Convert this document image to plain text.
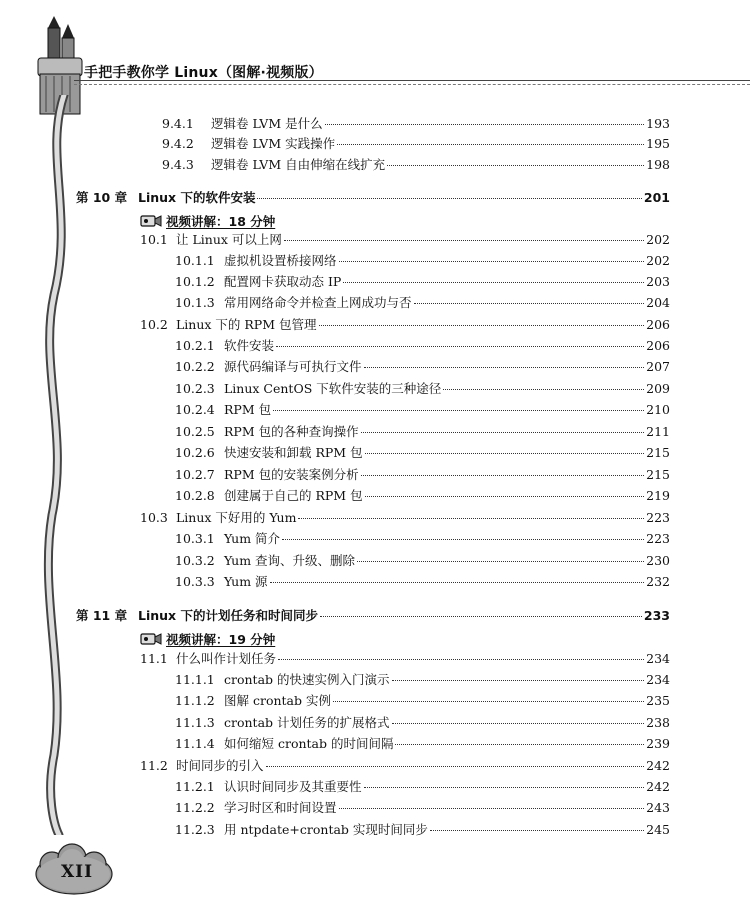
XII
手把手教你学 Linux（图解·视频版）
9.4.1	逻辑卷 LVM 是什么	193
9.4.2	逻辑卷 LVM 实践操作	195
9.4.3	逻辑卷 LVM 自由伸缩在线扩充	198
第 10 章 Linux 下的软件安装	201
视频讲解：18 分钟
10.1 让 Linux 可以上网	202
10.1.1 虚拟机设置桥接网络	202
10.1.2 配置网卡获取动态 IP	203
10.1.3 常用网络命令并检查上网成功与否	204
10.2 Linux 下的 RPM 包管理	206
10.2.1 软件安装	206
10.2.2 源代码编译与可执行文件	207
10.2.3 Linux CentOS 下软件安装的三种途径	209
10.2.4 RPM 包	210
10.2.5 RPM 包的各种查询操作	211
10.2.6 快速安装和卸载 RPM 包	215
10.2.7 RPM 包的安装案例分析	215
10.2.8 创建属于自己的 RPM 包	219
10.3 Linux 下好用的 Yum	223
10.3.1 Yum 简介	223
10.3.2 Yum 查询、升级、删除	230
10.3.3 Yum 源	232
第 11 章 Linux 下的计划任务和时间同步	233
视频讲解：19 分钟
11.1 什么叫作计划任务	234
11.1.1 crontab 的快速实例入门演示	234
11.1.2 图解 crontab 实例	235
11.1.3 crontab 计划任务的扩展格式	238
11.1.4 如何缩短 crontab 的时间间隔	239
11.2 时间同步的引入	242
11.2.1 认识时间同步及其重要性	242
11.2.2 学习时区和时间设置	243
11.2.3 用 ntpdate+crontab 实现时间同步	245
